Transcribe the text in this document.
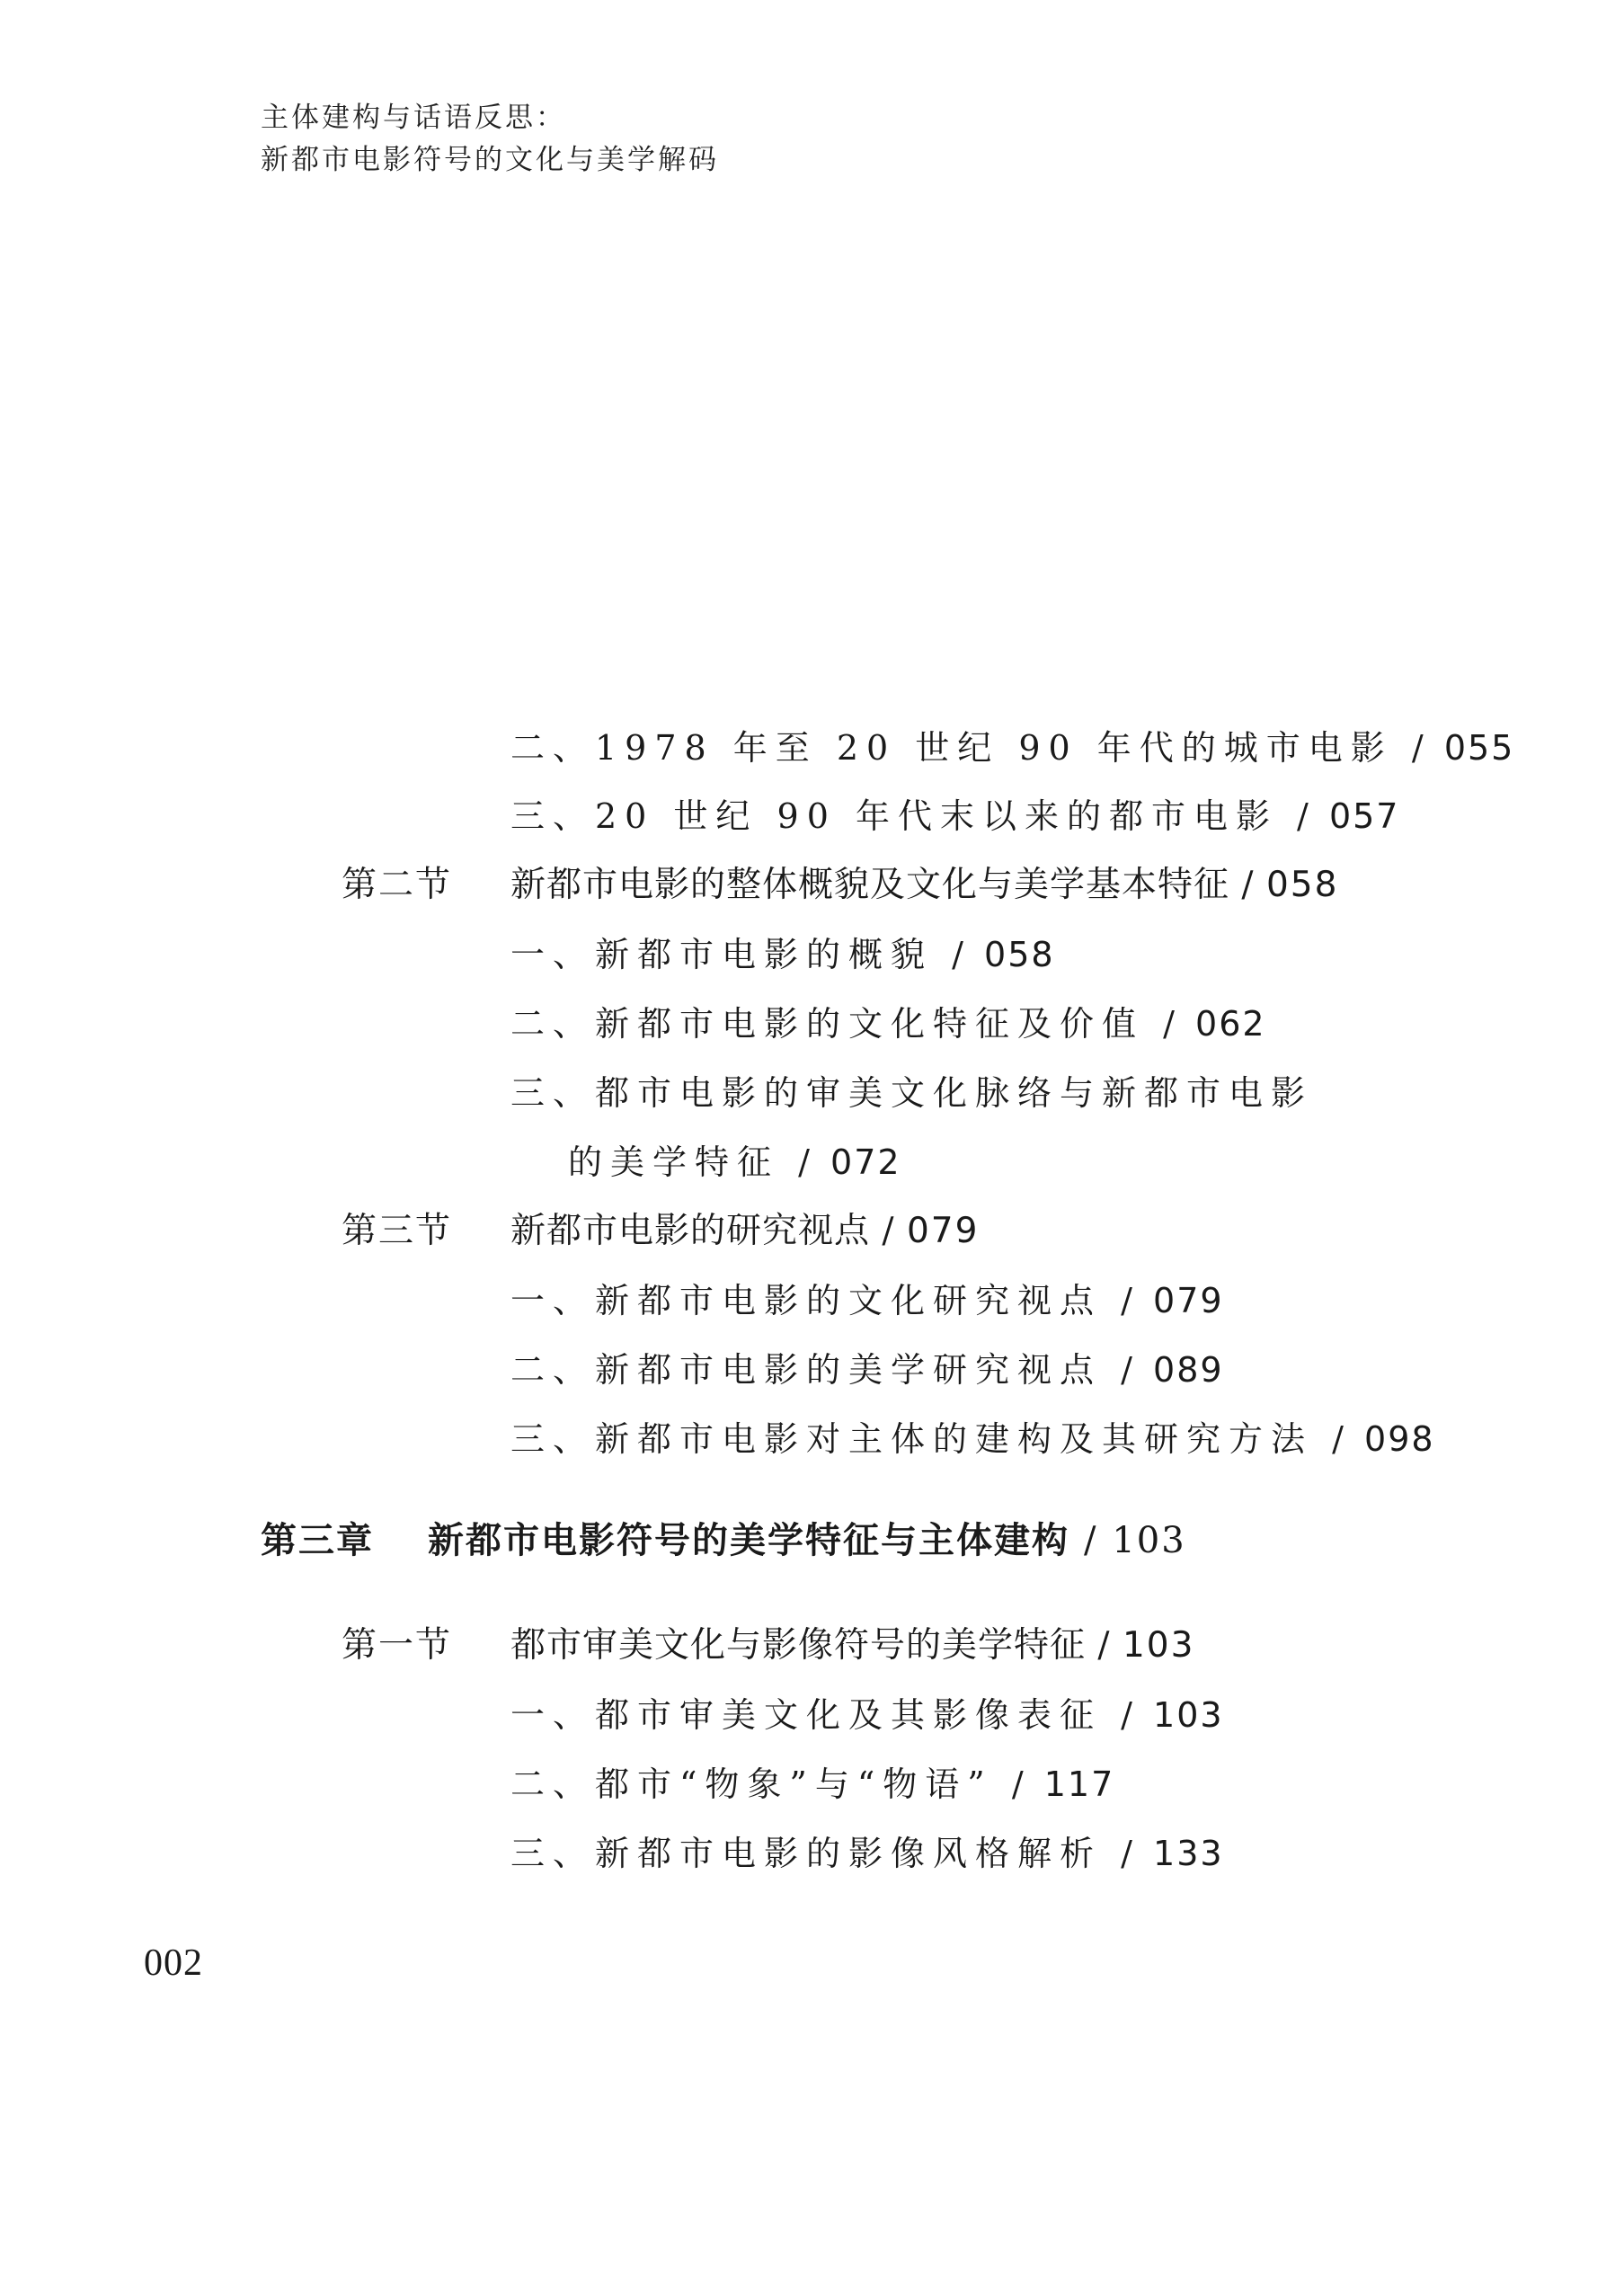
主体建构与话语反思：
新都市电影符号的文化与美学解码
二、1978 年至 20 世纪 90 年代的城市电影 / 055
三、20 世纪 90 年代末以来的都市电影 / 057
第二节 新都市电影的整体概貌及文化与美学基本特征 / 058
一、新都市电影的概貌 / 058
二、新都市电影的文化特征及价值 / 062
三、都市电影的审美文化脉络与新都市电影
的美学特征 / 072
第三节 新都市电影的研究视点 / 079
一、新都市电影的文化研究视点 / 079
二、新都市电影的美学研究视点 / 089
三、新都市电影对主体的建构及其研究方法 / 098
第三章 新都市电影符号的美学特征与主体建构 / 103
第一节 都市审美文化与影像符号的美学特征 / 103
一、都市审美文化及其影像表征 / 103
二、都市“物象”与“物语” / 117
三、新都市电影的影像风格解析 / 133
002
